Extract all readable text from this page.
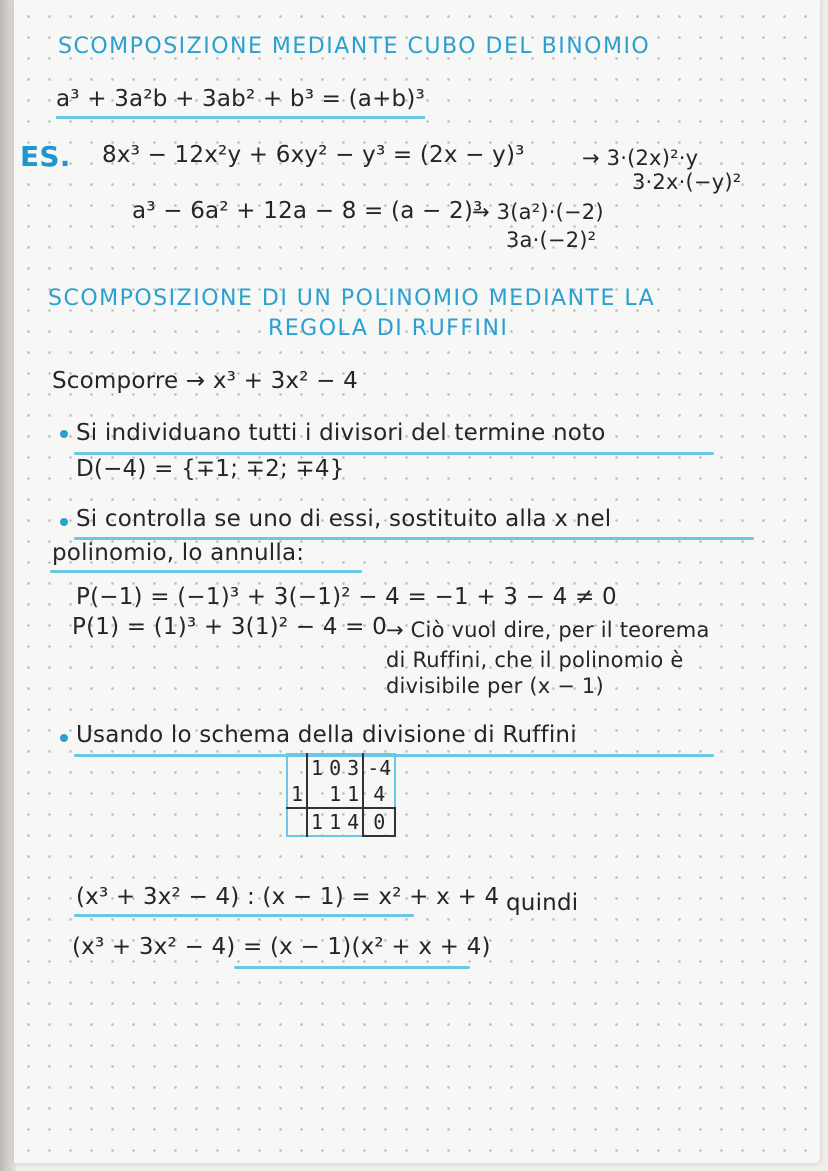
SCOMPOSIZIONE MEDIANTE CUBO DEL BINOMIO
a³ + 3a²b + 3ab² + b³ = (a+b)³
ES. 8x³ − 12x²y + 6xy² − y³ = (2x − y)³	→ 3·(2x)²·y
3·2x·(−y)²
a³ − 6a² + 12a − 8 = (a − 2)³
→ 3(a²)·(−2)
3a·(−2)²
SCOMPOSIZIONE DI UN POLINOMIO MEDIANTE LA
REGOLA DI RUFFINI
Scomporre → x³ + 3x² − 4
Si individuano tutti i divisori del termine noto
D(−4) = {∓1; ∓2; ∓4}
Si controlla se uno di essi, sostituito alla x nel
polinomio, lo annulla:
P(−1) = (−1)³ + 3(−1)² − 4 = −1 + 3 − 4 ≠ 0
P(1) = (1)³ + 3(1)² − 4 = 0 → Ciò vuol dire, per il teorema
di Ruffini, che il polinomio è
divisibile per (x − 1)
Usando lo schema della divisione di Ruffini
	1	0	3	-4
1		1	1	4
	1	1	4	0
(x³ + 3x² − 4) : (x − 1) = x² + x + 4 quindi
(x³ + 3x² − 4) = (x − 1)(x² + x + 4)
